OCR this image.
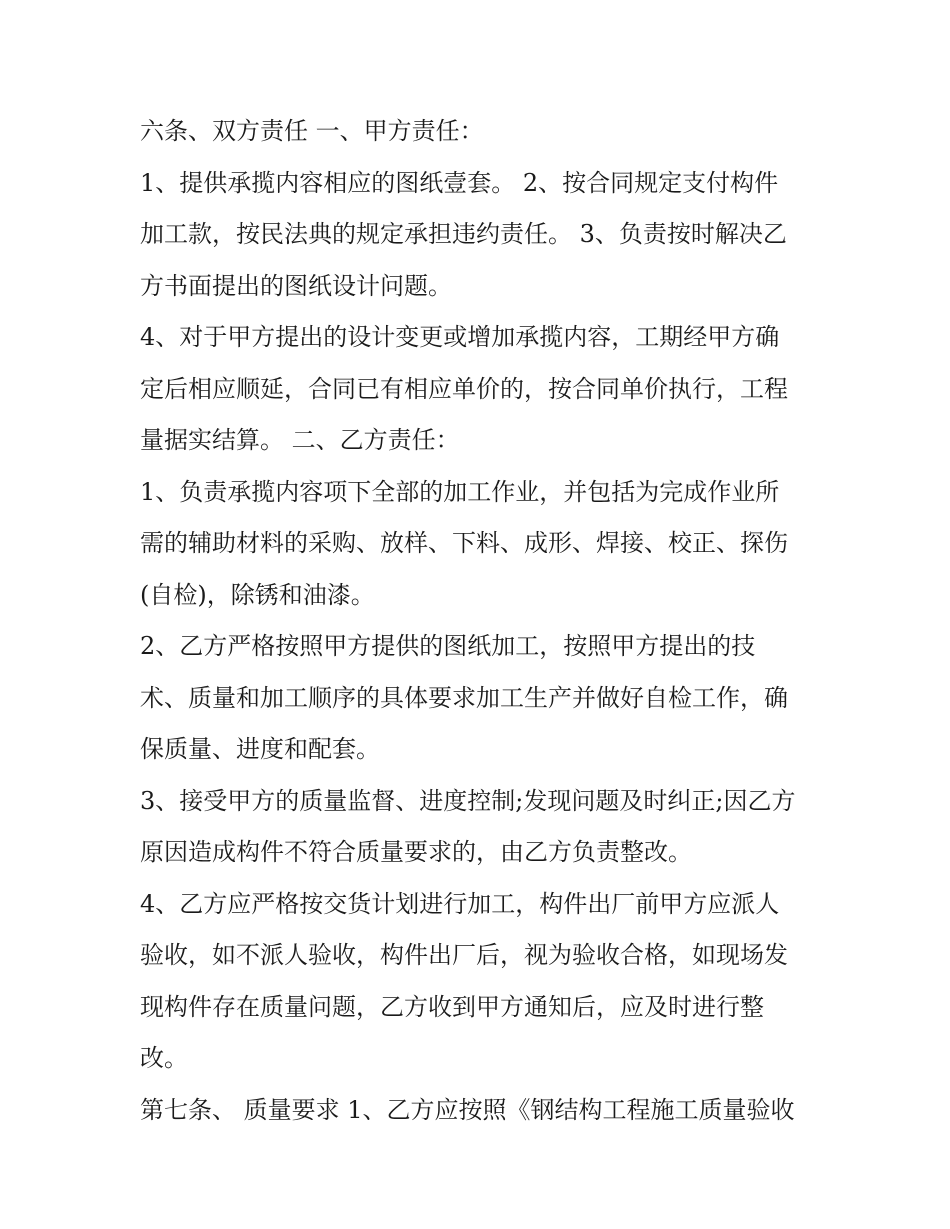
六条、双方责任 一、甲方责任：
1、提供承揽内容相应的图纸壹套。 2、按合同规定支付构件
加工款，按民法典的规定承担违约责任。 3、负责按时解决乙
方书面提出的图纸设计问题。
4、对于甲方提出的设计变更或增加承揽内容，工期经甲方确
定后相应顺延，合同已有相应单价的，按合同单价执行，工程
量据实结算。 二、乙方责任：
1、负责承揽内容项下全部的加工作业，并包括为完成作业所
需的辅助材料的采购、放样、下料、成形、焊接、校正、探伤
(自检)，除锈和油漆。
2、乙方严格按照甲方提供的图纸加工，按照甲方提出的技
术、质量和加工顺序的具体要求加工生产并做好自检工作，确
保质量、进度和配套。
3、接受甲方的质量监督、进度控制;发现问题及时纠正;因乙方
原因造成构件不符合质量要求的，由乙方负责整改。
4、乙方应严格按交货计划进行加工，构件出厂前甲方应派人
验收，如不派人验收，构件出厂后，视为验收合格，如现场发
现构件存在质量问题，乙方收到甲方通知后，应及时进行整
改。
第七条、 质量要求 1、乙方应按照《钢结构工程施工质量验收
